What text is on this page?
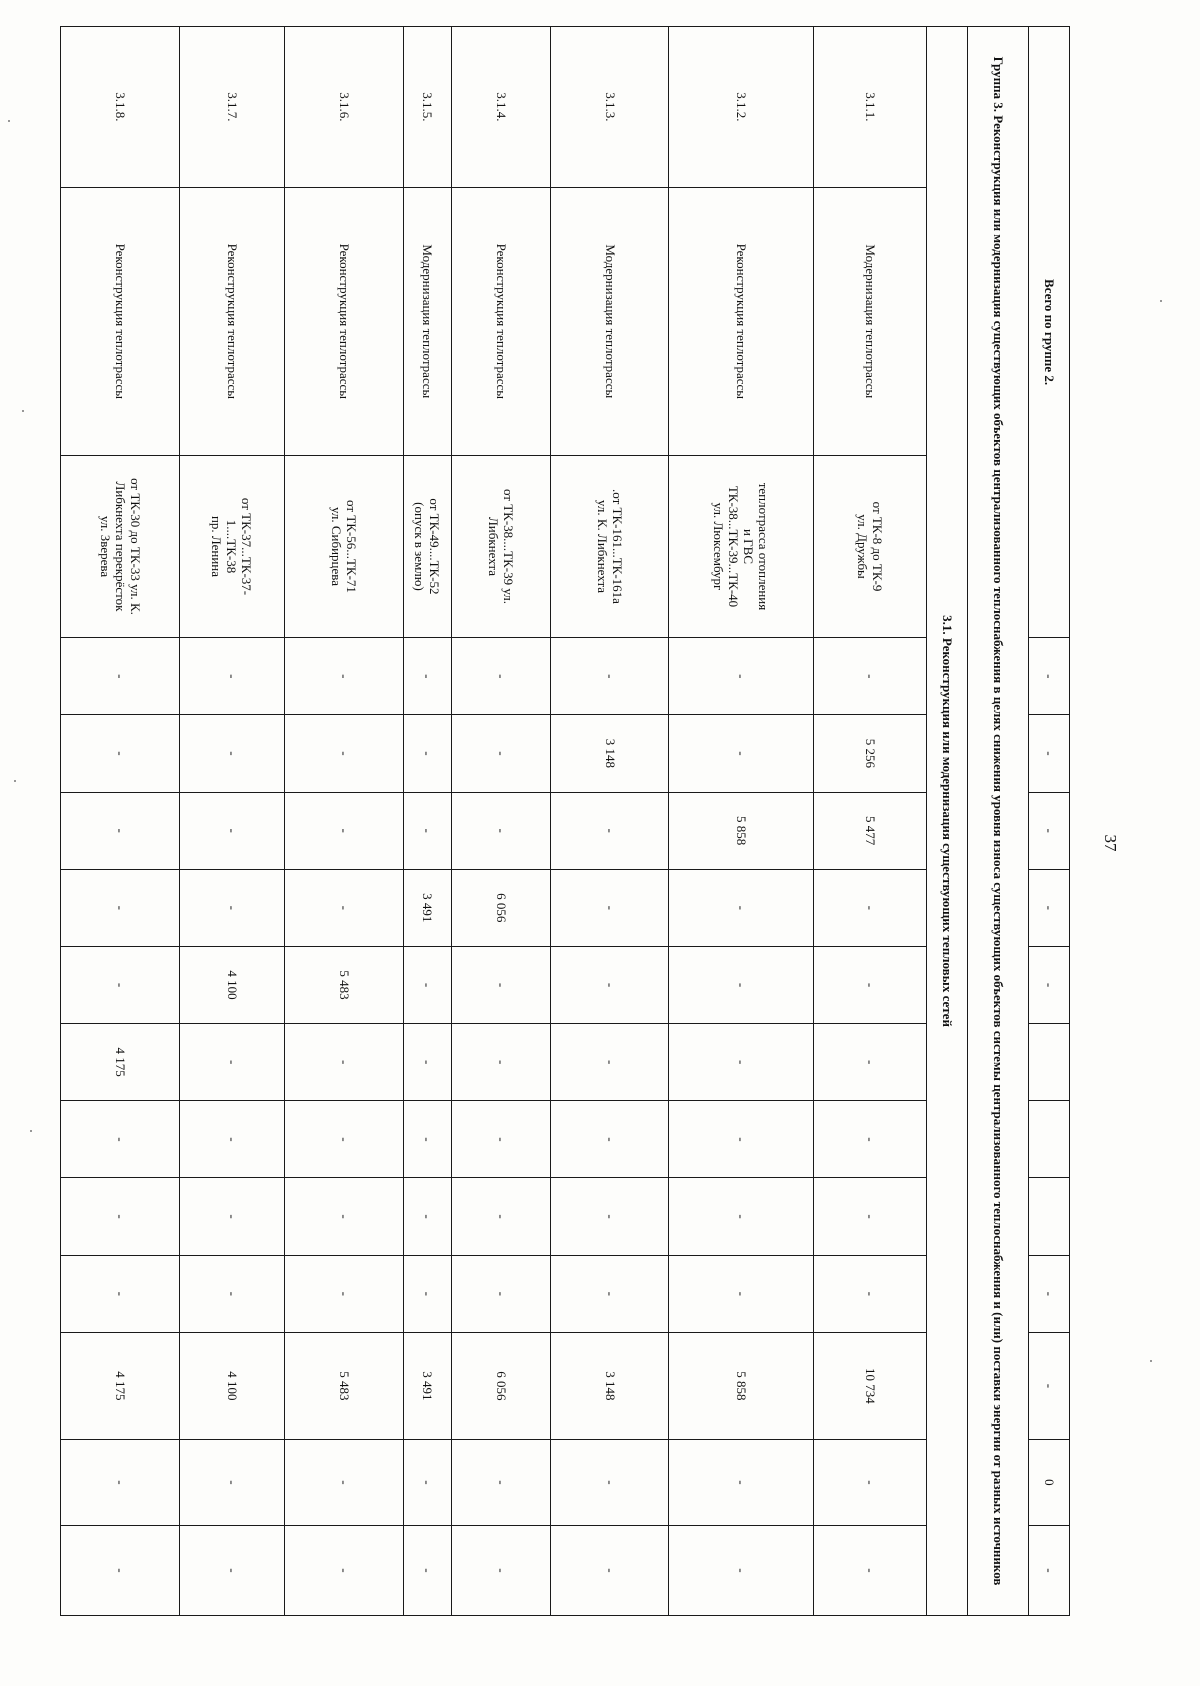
37
Всего по группе 2.			-	-	-	-	-				-	-	0	-
Группа 3. Реконструкция или модернизация существующих объектов централизованного теплоснабжения в целях снижения уровня износа существующих объектов системы централизованного теплоснабжения и (или) поставки энергии от разных источников														
3.1. Реконструкция или модернизация существующих тепловых сетей														
3.1.1.	Модернизация теплотрассы	от ТК-8 до ТК-9
ул. Дружбы	-	5 256	5 477	-	-	-	-	-	-	10 734	-	-
3.1.2.	Реконструкция теплотрассы	теплотрасса отопления
и ГВС
ТК-38...ТК-39...ТК-40
ул. Люксембург	-	-	5 858	-	-	-	-	-	-	5 858	-	-
3.1.3.	Модернизация теплотрассы	.от ТК-161...ТК-161а
ул. К. Либкнехта	-	3 148	-	-	-	-	-	-	-	3 148	-	-
3.1.4.	Реконструкция теплотрассы	от ТК-38....ТК-39 ул.
Либкнехта	-	-	-	6 056	-	-	-	-	-	6 056	-	-
3.1.5.	Модернизация теплотрассы	от ТК-49....ТК-52
(опуск в землю)	-	-	-	3 491	-	-	-	-	-	3 491	-	-
3.1.6.	Реконструкция теплотрассы	от ТК-56...ТК-71
ул. Сибирцева	-	-	-	-	5 483	-	-	-	-	5 483	-	-
3.1.7.	Реконструкция теплотрассы	от ТК-37...ТК-37-
1....ТК-38
пр. Ленина	-	-	-	-	4 100	-	-	-	-	4 100	-	-
3.1.8.	Реконструкция теплотрассы	от ТК-30 до ТК-33 ул. К.
Либкнехта перекрёсток
ул. Зверева	-	-	-	-	-	4 175	-	-	-	4 175	-	-
